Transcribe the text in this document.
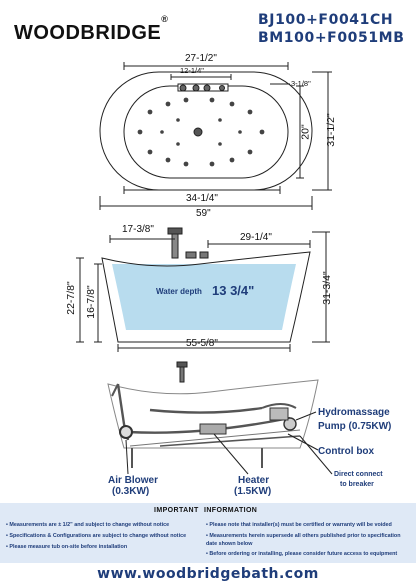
WOODBRIDGE®	BJ100+F0041CH
BM100+F0051MB
27-1/2"
12-1/4"
3-1/8"
34-1/4"
59"
20" 31-1/2"
17-3/8"
29-1/4"
22-7/8" 16-7/8"	31-3/4"
55-5/8"
Water depth 13 3/4"
Hydromassage
Pump (0.75KW)
Control box
Direct connect
to breaker
Air Blower
(0.3KW)
Heater
(1.5KW)
IMPORTANT INFORMATION
• Measurements are ± 1/2" and subject to change without notice
• Specifications & Configurations are subject to change without notice
• Please measure tub on-site before installation
• Please note that installer(s) must be certified or warranty will be voided
• Measurements herein supersede all others published prior to specification
date shown below
• Before ordering or installing, please consider future access to equipment
www.woodbridgebath.com
